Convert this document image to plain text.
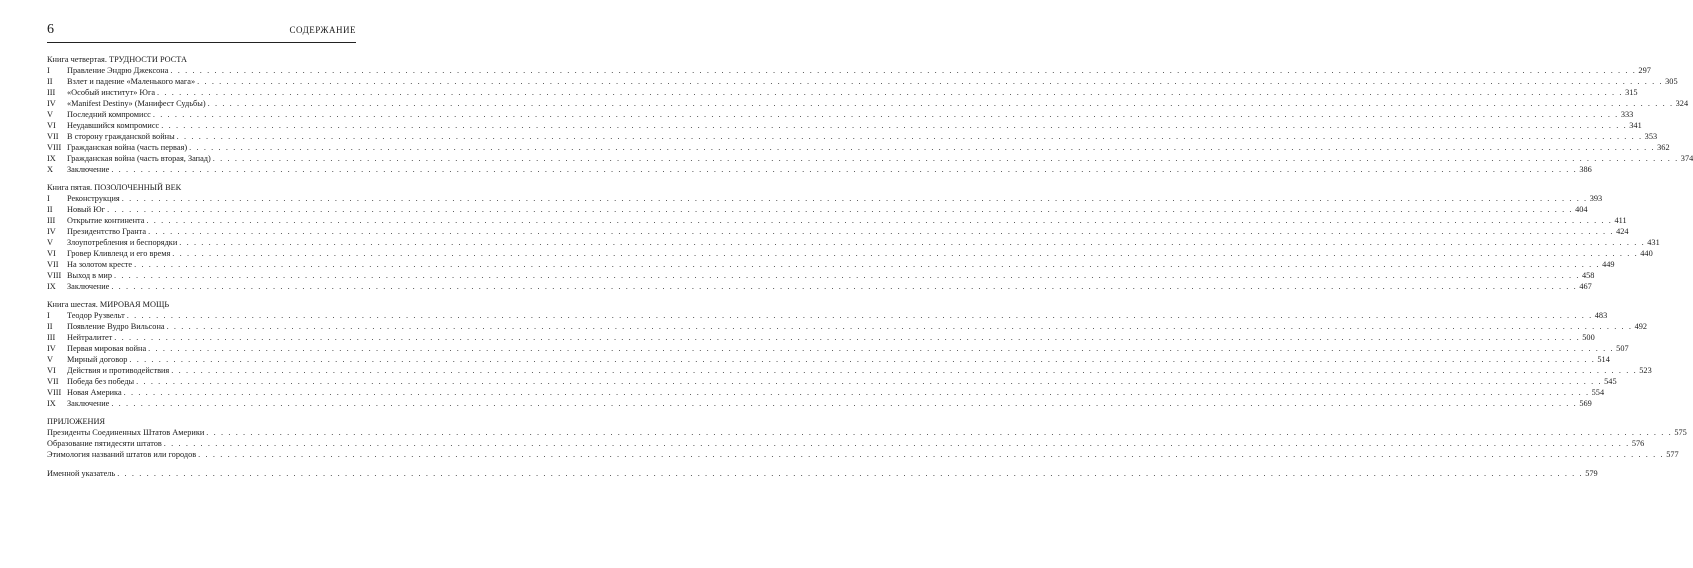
6	СОДЕРЖАНИЕ
Книга четвертая. ТРУДНОСТИ РОСТА
I	Правление Эндрю Джексона . . . . . . . . . . . . . . . . . . . . . . . . . . . . . . . . . . . . . . . . . . . . . . . . . . . . . . . . . . . . . . . . . . . . . . . . . . . . . . . . . . . . . . . . . . . . . . . . . . . . . . . . . . . . . . . . . . . . . . . . . . . . . . . . . . . . . . . . . . . . . . . . . . . . . . . . . . . . . . . . . . . . . . . . . . . . . . . . . . . . . . . . . . . . . . . . . . . . . . . . 297
II	Взлет и падение «Маленького мага» . . . . . . . . . . . . . . . . . . . . . . . . . . . . . . . . . . . . . . . . . . . . . . . . . . . . . . . . . . . . . . . . . . . . . . . . . . . . . . . . . . . . . . . . . . . . . . . . . . . . . . . . . . . . . . . . . . . . . . . . . . . . . . . . . . . . . . . . . . . . . . . . . . . . . . . . . . . . . . . . . . . . . . . . . . . . . . . . . . . . . . . . . . . . . . . . . . . . . . . . 305
III	«Особый институт» Юга . . . . . . . . . . . . . . . . . . . . . . . . . . . . . . . . . . . . . . . . . . . . . . . . . . . . . . . . . . . . . . . . . . . . . . . . . . . . . . . . . . . . . . . . . . . . . . . . . . . . . . . . . . . . . . . . . . . . . . . . . . . . . . . . . . . . . . . . . . . . . . . . . . . . . . . . . . . . . . . . . . . . . . . . . . . . . . . . . . . . . . . . . . . . . . . . . . . . . . . . 315
IV	«Manifest Destiny» (Манифест Судьбы) . . . . . . . . . . . . . . . . . . . . . . . . . . . . . . . . . . . . . . . . . . . . . . . . . . . . . . . . . . . . . . . . . . . . . . . . . . . . . . . . . . . . . . . . . . . . . . . . . . . . . . . . . . . . . . . . . . . . . . . . . . . . . . . . . . . . . . . . . . . . . . . . . . . . . . . . . . . . . . . . . . . . . . . . . . . . . . . . . . . . . . . . . . . . . . . . . . . . . . . . 324
V	Последний компромисс . . . . . . . . . . . . . . . . . . . . . . . . . . . . . . . . . . . . . . . . . . . . . . . . . . . . . . . . . . . . . . . . . . . . . . . . . . . . . . . . . . . . . . . . . . . . . . . . . . . . . . . . . . . . . . . . . . . . . . . . . . . . . . . . . . . . . . . . . . . . . . . . . . . . . . . . . . . . . . . . . . . . . . . . . . . . . . . . . . . . . . . . . . . . . . . . . . . . . . . . 333
VI	Неудавшийся компромисс . . . . . . . . . . . . . . . . . . . . . . . . . . . . . . . . . . . . . . . . . . . . . . . . . . . . . . . . . . . . . . . . . . . . . . . . . . . . . . . . . . . . . . . . . . . . . . . . . . . . . . . . . . . . . . . . . . . . . . . . . . . . . . . . . . . . . . . . . . . . . . . . . . . . . . . . . . . . . . . . . . . . . . . . . . . . . . . . . . . . . . . . . . . . . . . . . . . . . . . . 341
VII	В сторону гражданской войны . . . . . . . . . . . . . . . . . . . . . . . . . . . . . . . . . . . . . . . . . . . . . . . . . . . . . . . . . . . . . . . . . . . . . . . . . . . . . . . . . . . . . . . . . . . . . . . . . . . . . . . . . . . . . . . . . . . . . . . . . . . . . . . . . . . . . . . . . . . . . . . . . . . . . . . . . . . . . . . . . . . . . . . . . . . . . . . . . . . . . . . . . . . . . . . . . . . . . . . . 353
VIII Гражданская война (часть первая) . . . . . . . . . . . . . . . . . . . . . . . . . . . . . . . . . . . . . . . . . . . . . . . . . . . . . . . . . . . . . . . . . . . . . . . . . . . . . . . . . . . . . . . . . . . . . . . . . . . . . . . . . . . . . . . . . . . . . . . . . . . . . . . . . . . . . . . . . . . . . . . . . . . . . . . . . . . . . . . . . . . . . . . . . . . . . . . . . . . . . . . . . . . . . . . . . . . . . . . . 362
IX	Гражданская война (часть вторая, Запад) . . . . . . . . . . . . . . . . . . . . . . . . . . . . . . . . . . . . . . . . . . . . . . . . . . . . . . . . . . . . . . . . . . . . . . . . . . . . . . . . . . . . . . . . . . . . . . . . . . . . . . . . . . . . . . . . . . . . . . . . . . . . . . . . . . . . . . . . . . . . . . . . . . . . . . . . . . . . . . . . . . . . . . . . . . . . . . . . . . . . . . . . . . . . . . . . . . . . . . . . 374
X	Заключение . . . . . . . . . . . . . . . . . . . . . . . . . . . . . . . . . . . . . . . . . . . . . . . . . . . . . . . . . . . . . . . . . . . . . . . . . . . . . . . . . . . . . . . . . . . . . . . . . . . . . . . . . . . . . . . . . . . . . . . . . . . . . . . . . . . . . . . . . . . . . . . . . . . . . . . . . . . . . . . . . . . . . . . . . . . . . . . . . . . . . . . . . . . . . . . . . . . . . . . . 386
Книга пятая. ПОЗОЛОЧЕННЫЙ ВЕК
I	Реконструкция . . . . . . . . . . . . . . . . . . . . . . . . . . . . . . . . . . . . . . . . . . . . . . . . . . . . . . . . . . . . . . . . . . . . . . . . . . . . . . . . . . . . . . . . . . . . . . . . . . . . . . . . . . . . . . . . . . . . . . . . . . . . . . . . . . . . . . . . . . . . . . . . . . . . . . . . . . . . . . . . . . . . . . . . . . . . . . . . . . . . . . . . . . . . . . . . . . . . . . . . 393
II	Новый Юг . . . . . . . . . . . . . . . . . . . . . . . . . . . . . . . . . . . . . . . . . . . . . . . . . . . . . . . . . . . . . . . . . . . . . . . . . . . . . . . . . . . . . . . . . . . . . . . . . . . . . . . . . . . . . . . . . . . . . . . . . . . . . . . . . . . . . . . . . . . . . . . . . . . . . . . . . . . . . . . . . . . . . . . . . . . . . . . . . . . . . . . . . . . . . . . . . . . . . . . . 404
III	Открытие континента . . . . . . . . . . . . . . . . . . . . . . . . . . . . . . . . . . . . . . . . . . . . . . . . . . . . . . . . . . . . . . . . . . . . . . . . . . . . . . . . . . . . . . . . . . . . . . . . . . . . . . . . . . . . . . . . . . . . . . . . . . . . . . . . . . . . . . . . . . . . . . . . . . . . . . . . . . . . . . . . . . . . . . . . . . . . . . . . . . . . . . . . . . . . . . . . . . . . . . . . 411
IV	Президентство Гранта . . . . . . . . . . . . . . . . . . . . . . . . . . . . . . . . . . . . . . . . . . . . . . . . . . . . . . . . . . . . . . . . . . . . . . . . . . . . . . . . . . . . . . . . . . . . . . . . . . . . . . . . . . . . . . . . . . . . . . . . . . . . . . . . . . . . . . . . . . . . . . . . . . . . . . . . . . . . . . . . . . . . . . . . . . . . . . . . . . . . . . . . . . . . . . . . . . . . . . . . 424
V	Злоупотребления и беспорядки . . . . . . . . . . . . . . . . . . . . . . . . . . . . . . . . . . . . . . . . . . . . . . . . . . . . . . . . . . . . . . . . . . . . . . . . . . . . . . . . . . . . . . . . . . . . . . . . . . . . . . . . . . . . . . . . . . . . . . . . . . . . . . . . . . . . . . . . . . . . . . . . . . . . . . . . . . . . . . . . . . . . . . . . . . . . . . . . . . . . . . . . . . . . . . . . . . . . . . . . 431
VI	Гровер Кливленд и его время . . . . . . . . . . . . . . . . . . . . . . . . . . . . . . . . . . . . . . . . . . . . . . . . . . . . . . . . . . . . . . . . . . . . . . . . . . . . . . . . . . . . . . . . . . . . . . . . . . . . . . . . . . . . . . . . . . . . . . . . . . . . . . . . . . . . . . . . . . . . . . . . . . . . . . . . . . . . . . . . . . . . . . . . . . . . . . . . . . . . . . . . . . . . . . . . . . . . . . . . 440
VII	На золотом кресте . . . . . . . . . . . . . . . . . . . . . . . . . . . . . . . . . . . . . . . . . . . . . . . . . . . . . . . . . . . . . . . . . . . . . . . . . . . . . . . . . . . . . . . . . . . . . . . . . . . . . . . . . . . . . . . . . . . . . . . . . . . . . . . . . . . . . . . . . . . . . . . . . . . . . . . . . . . . . . . . . . . . . . . . . . . . . . . . . . . . . . . . . . . . . . . . . . . . . . . . 449
VIII Выход в мир . . . . . . . . . . . . . . . . . . . . . . . . . . . . . . . . . . . . . . . . . . . . . . . . . . . . . . . . . . . . . . . . . . . . . . . . . . . . . . . . . . . . . . . . . . . . . . . . . . . . . . . . . . . . . . . . . . . . . . . . . . . . . . . . . . . . . . . . . . . . . . . . . . . . . . . . . . . . . . . . . . . . . . . . . . . . . . . . . . . . . . . . . . . . . . . . . . . . . . . . 458
IX	Заключение . . . . . . . . . . . . . . . . . . . . . . . . . . . . . . . . . . . . . . . . . . . . . . . . . . . . . . . . . . . . . . . . . . . . . . . . . . . . . . . . . . . . . . . . . . . . . . . . . . . . . . . . . . . . . . . . . . . . . . . . . . . . . . . . . . . . . . . . . . . . . . . . . . . . . . . . . . . . . . . . . . . . . . . . . . . . . . . . . . . . . . . . . . . . . . . . . . . . . . . . 467
Книга шестая. МИРОВАЯ МОЩЬ
I	Теодор Рузвельт . . . . . . . . . . . . . . . . . . . . . . . . . . . . . . . . . . . . . . . . . . . . . . . . . . . . . . . . . . . . . . . . . . . . . . . . . . . . . . . . . . . . . . . . . . . . . . . . . . . . . . . . . . . . . . . . . . . . . . . . . . . . . . . . . . . . . . . . . . . . . . . . . . . . . . . . . . . . . . . . . . . . . . . . . . . . . . . . . . . . . . . . . . . . . . . . . . . . . . . . 483
II	Появление Вудро Вильсона . . . . . . . . . . . . . . . . . . . . . . . . . . . . . . . . . . . . . . . . . . . . . . . . . . . . . . . . . . . . . . . . . . . . . . . . . . . . . . . . . . . . . . . . . . . . . . . . . . . . . . . . . . . . . . . . . . . . . . . . . . . . . . . . . . . . . . . . . . . . . . . . . . . . . . . . . . . . . . . . . . . . . . . . . . . . . . . . . . . . . . . . . . . . . . . . . . . . . . . . 492
III	Нейтралитет . . . . . . . . . . . . . . . . . . . . . . . . . . . . . . . . . . . . . . . . . . . . . . . . . . . . . . . . . . . . . . . . . . . . . . . . . . . . . . . . . . . . . . . . . . . . . . . . . . . . . . . . . . . . . . . . . . . . . . . . . . . . . . . . . . . . . . . . . . . . . . . . . . . . . . . . . . . . . . . . . . . . . . . . . . . . . . . . . . . . . . . . . . . . . . . . . . . . . . . . 500
IV	Первая мировая война . . . . . . . . . . . . . . . . . . . . . . . . . . . . . . . . . . . . . . . . . . . . . . . . . . . . . . . . . . . . . . . . . . . . . . . . . . . . . . . . . . . . . . . . . . . . . . . . . . . . . . . . . . . . . . . . . . . . . . . . . . . . . . . . . . . . . . . . . . . . . . . . . . . . . . . . . . . . . . . . . . . . . . . . . . . . . . . . . . . . . . . . . . . . . . . . . . . . . . . . 507
V	Мирный договор . . . . . . . . . . . . . . . . . . . . . . . . . . . . . . . . . . . . . . . . . . . . . . . . . . . . . . . . . . . . . . . . . . . . . . . . . . . . . . . . . . . . . . . . . . . . . . . . . . . . . . . . . . . . . . . . . . . . . . . . . . . . . . . . . . . . . . . . . . . . . . . . . . . . . . . . . . . . . . . . . . . . . . . . . . . . . . . . . . . . . . . . . . . . . . . . . . . . . . . . 514
VI	Действия и противодействия . . . . . . . . . . . . . . . . . . . . . . . . . . . . . . . . . . . . . . . . . . . . . . . . . . . . . . . . . . . . . . . . . . . . . . . . . . . . . . . . . . . . . . . . . . . . . . . . . . . . . . . . . . . . . . . . . . . . . . . . . . . . . . . . . . . . . . . . . . . . . . . . . . . . . . . . . . . . . . . . . . . . . . . . . . . . . . . . . . . . . . . . . . . . . . . . . . . . . . . . 523
VII	Победа без победы . . . . . . . . . . . . . . . . . . . . . . . . . . . . . . . . . . . . . . . . . . . . . . . . . . . . . . . . . . . . . . . . . . . . . . . . . . . . . . . . . . . . . . . . . . . . . . . . . . . . . . . . . . . . . . . . . . . . . . . . . . . . . . . . . . . . . . . . . . . . . . . . . . . . . . . . . . . . . . . . . . . . . . . . . . . . . . . . . . . . . . . . . . . . . . . . . . . . . . . . 545
VIII Новая Америка . . . . . . . . . . . . . . . . . . . . . . . . . . . . . . . . . . . . . . . . . . . . . . . . . . . . . . . . . . . . . . . . . . . . . . . . . . . . . . . . . . . . . . . . . . . . . . . . . . . . . . . . . . . . . . . . . . . . . . . . . . . . . . . . . . . . . . . . . . . . . . . . . . . . . . . . . . . . . . . . . . . . . . . . . . . . . . . . . . . . . . . . . . . . . . . . . . . . . . . . 554
IX	Заключение . . . . . . . . . . . . . . . . . . . . . . . . . . . . . . . . . . . . . . . . . . . . . . . . . . . . . . . . . . . . . . . . . . . . . . . . . . . . . . . . . . . . . . . . . . . . . . . . . . . . . . . . . . . . . . . . . . . . . . . . . . . . . . . . . . . . . . . . . . . . . . . . . . . . . . . . . . . . . . . . . . . . . . . . . . . . . . . . . . . . . . . . . . . . . . . . . . . . . . . . 569
ПРИЛОЖЕНИЯ
Президенты Соединенных Штатов Америки . . . . . . . . . . . . . . . . . . . . . . . . . . . . . . . . . . . . . . . . . . . . . . . . . . . . . . . . . . . . . . . . . . . . . . . . . . . . . . . . . . . . . . . . . . . . . . . . . . . . . . . . . . . . . . . . . . . . . . . . . . . . . . . . . . . . . . . . . . . . . . . . . . . . . . . . . . . . . . . . . . . . . . . . . . . . . . . . . . . . . . . . . . . . . . . . . . . . . . . . 575
Образование пятидесяти штатов . . . . . . . . . . . . . . . . . . . . . . . . . . . . . . . . . . . . . . . . . . . . . . . . . . . . . . . . . . . . . . . . . . . . . . . . . . . . . . . . . . . . . . . . . . . . . . . . . . . . . . . . . . . . . . . . . . . . . . . . . . . . . . . . . . . . . . . . . . . . . . . . . . . . . . . . . . . . . . . . . . . . . . . . . . . . . . . . . . . . . . . . . . . . . . . . . . . . . . . . 576
Этимология названий штатов или городов . . . . . . . . . . . . . . . . . . . . . . . . . . . . . . . . . . . . . . . . . . . . . . . . . . . . . . . . . . . . . . . . . . . . . . . . . . . . . . . . . . . . . . . . . . . . . . . . . . . . . . . . . . . . . . . . . . . . . . . . . . . . . . . . . . . . . . . . . . . . . . . . . . . . . . . . . . . . . . . . . . . . . . . . . . . . . . . . . . . . . . . . . . . . . . . . . . . . . . . . 577
Именной указатель . . . . . . . . . . . . . . . . . . . . . . . . . . . . . . . . . . . . . . . . . . . . . . . . . . . . . . . . . . . . . . . . . . . . . . . . . . . . . . . . . . . . . . . . . . . . . . . . . . . . . . . . . . . . . . . . . . . . . . . . . . . . . . . . . . . . . . . . . . . . . . . . . . . . . . . . . . . . . . . . . . . . . . . . . . . . . . . . . . . . . . . . . . . . . . . . . . . . . . . . 579
